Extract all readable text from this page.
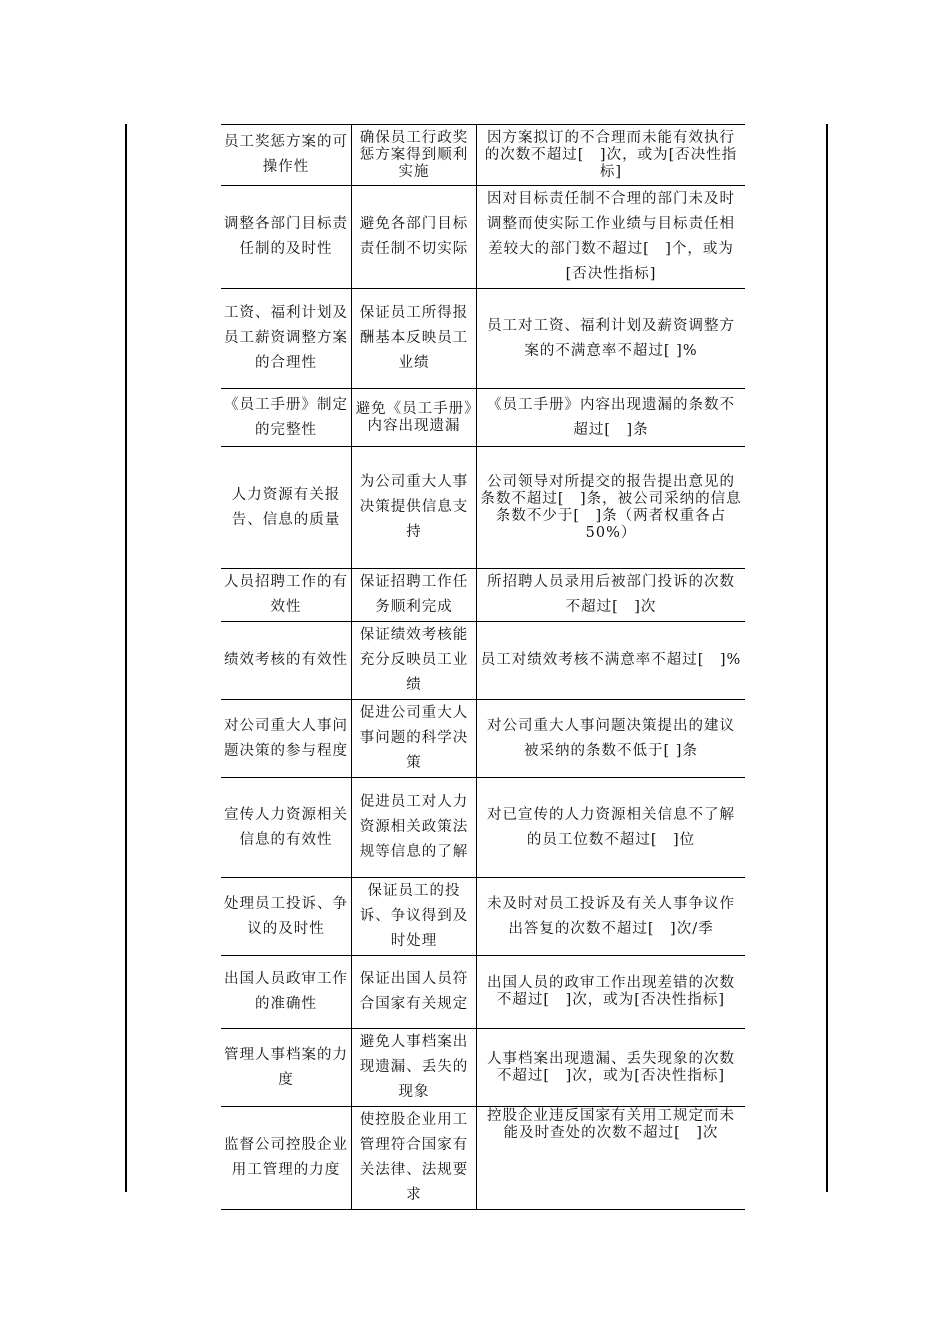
员工奖惩方案的可操作性	确保员工行政奖惩方案得到顺利实施	因方案拟订的不合理而未能有效执行的次数不超过[　]次，或为[否决性指标]
调整各部门目标责任制的及时性	避免各部门目标责任制不切实际	因对目标责任制不合理的部门未及时调整而使实际工作业绩与目标责任相差较大的部门数不超过[　]个，或为[否决性指标]
工资、福利计划及员工薪资调整方案的合理性	保证员工所得报酬基本反映员工业绩	员工对工资、福利计划及薪资调整方案的不满意率不超过[ ]%
《员工手册》制定的完整性	避免《员工手册》内容出现遗漏	《员工手册》内容出现遗漏的条数不超过[　]条
人力资源有关报告、信息的质量	为公司重大人事决策提供信息支持	公司领导对所提交的报告提出意见的条数不超过[　]条，被公司采纳的信息条数不少于[　]条（两者权重各占50%）
人员招聘工作的有效性	保证招聘工作任务顺利完成	所招聘人员录用后被部门投诉的次数不超过[　]次
绩效考核的有效性	保证绩效考核能充分反映员工业绩	员工对绩效考核不满意率不超过[　]%
对公司重大人事问题决策的参与程度	促进公司重大人事问题的科学决策	对公司重大人事问题决策提出的建议被采纳的条数不低于[ ]条
宣传人力资源相关信息的有效性	促进员工对人力资源相关政策法规等信息的了解	对已宣传的人力资源相关信息不了解的员工位数不超过[　]位
处理员工投诉、争议的及时性	保证员工的投诉、争议得到及时处理	未及时对员工投诉及有关人事争议作出答复的次数不超过[　]次/季
出国人员政审工作的准确性	保证出国人员符合国家有关规定	出国人员的政审工作出现差错的次数不超过[　]次，或为[否决性指标]
管理人事档案的力度	避免人事档案出现遗漏、丢失的现象	人事档案出现遗漏、丢失现象的次数不超过[　]次，或为[否决性指标]
监督公司控股企业用工管理的力度	使控股企业用工管理符合国家有关法律、法规要求	控股企业违反国家有关用工规定而未能及时查处的次数不超过[　]次
